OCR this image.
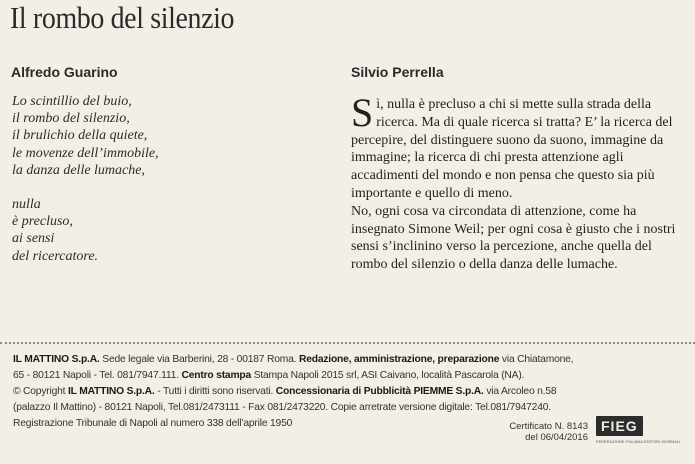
Il rombo del silenzio
Alfredo Guarino	Silvio Perrella
Lo scintillio del buio,
il rombo del silenzio,
il brulichio della quiete,
le movenze dell’immobile,
la danza delle lumache,
nulla
è precluso,
ai sensi
del ricercatore.

Sì, nulla è precluso a chi si mette sulla strada della ricerca. Ma di quale ricerca si tratta? E’ la ricerca del percepire, del distinguere suono da suono, immagine da immagine; la ricerca di chi presta attenzione agli accadimenti del mondo e non pensa che questo sia più importante e quello di meno.

No, ogni cosa va circondata di attenzione, come ha insegnato Simone Weil; per ogni cosa è giusto che i nostri sensi s’inclinino verso la percezione, anche quella del rombo del silenzio o della danza delle lumache.

IL MATTINO S.p.A. Sede legale via Barberini, 28 - 00187 Roma. Redazione, amministrazione, preparazione via Chiatamone,
65 - 80121 Napoli - Tel. 081/7947.111. Centro stampa Stampa Napoli 2015 srl, ASI Caivano, località Pascarola (NA).
© Copyright IL MATTINO S.p.A. - Tutti i diritti sono riservati. Concessionaria di Pubblicità PIEMME S.p.A. via Arcoleo n.58
(palazzo Il Mattino) - 80121 Napoli, Tel.081/2473111 - Fax 081/2473220. Copie arretrate versione digitale: Tel.081/7947240.
Registrazione Tribunale di Napoli al numero 338 dell’aprile 1950	Certificato N. 8143
del 06/04/2016
FIEG
FEDERAZIONE ITALIANA EDITORI GIORNALI
